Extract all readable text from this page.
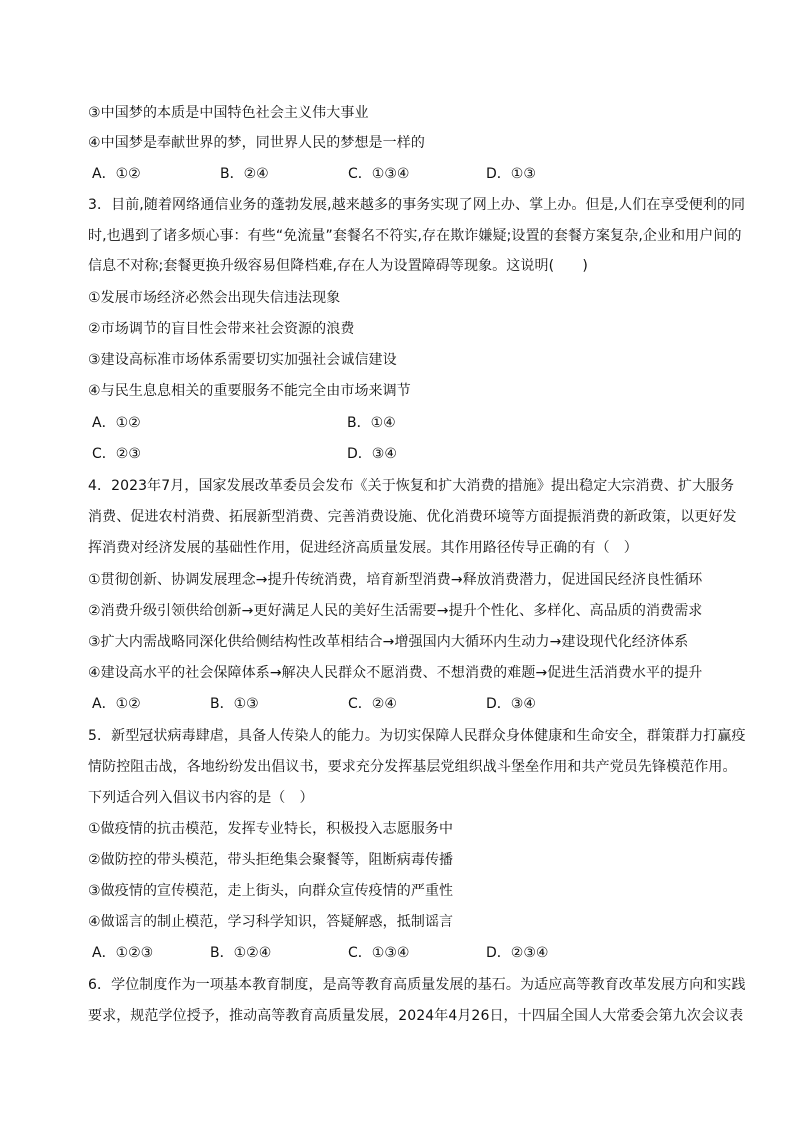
③中国梦的本质是中国特色社会主义伟大事业
④中国梦是奉献世界的梦，同世界人民的梦想是一样的
A．①②	B．②④	C．①③④	D．①③
3．目前,随着网络通信业务的蓬勃发展,越来越多的事务实现了网上办、掌上办。但是,人们在享受便利的同
时,也遇到了诸多烦心事：有些“免流量”套餐名不符实,存在欺诈嫌疑;设置的套餐方案复杂,企业和用户间的
信息不对称;套餐更换升级容易但降档难,存在人为设置障碍等现象。这说明(　　)
①发展市场经济必然会出现失信违法现象
②市场调节的盲目性会带来社会资源的浪费
③建设高标准市场体系需要切实加强社会诚信建设
④与民生息息相关的重要服务不能完全由市场来调节
A．①②	B．①④
C．②③	D．③④
4．2023年7月，国家发展改革委员会发布《关于恢复和扩大消费的措施》提出稳定大宗消费、扩大服务
消费、促进农村消费、拓展新型消费、完善消费设施、优化消费环境等方面提振消费的新政策，以更好发
挥消费对经济发展的基础性作用，促进经济高质量发展。其作用路径传导正确的有（　）
①贯彻创新、协调发展理念→提升传统消费，培育新型消费→释放消费潜力，促进国民经济良性循环
②消费升级引领供给创新→更好满足人民的美好生活需要→提升个性化、多样化、高品质的消费需求
③扩大内需战略同深化供给侧结构性改革相结合→增强国内大循环内生动力→建设现代化经济体系
④建设高水平的社会保障体系→解决人民群众不愿消费、不想消费的难题→促进生活消费水平的提升
A．①②	B．①③	C．②④	D．③④
5．新型冠状病毒肆虐，具备人传染人的能力。为切实保障人民群众身体健康和生命安全，群策群力打赢疫
情防控阻击战，各地纷纷发出倡议书，要求充分发挥基层党组织战斗堡垒作用和共产党员先锋模范作用。
下列适合列入倡议书内容的是（　）
①做疫情的抗击模范，发挥专业特长，积极投入志愿服务中
②做防控的带头模范，带头拒绝集会聚餐等，阻断病毒传播
③做疫情的宣传模范，走上街头，向群众宣传疫情的严重性
④做谣言的制止模范，学习科学知识，答疑解惑，抵制谣言
A．①②③	B．①②④	C．①③④	D．②③④
6．学位制度作为一项基本教育制度，是高等教育高质量发展的基石。为适应高等教育改革发展方向和实践
要求，规范学位授予，推动高等教育高质量发展，2024年4月26日，十四届全国人大常委会第九次会议表
